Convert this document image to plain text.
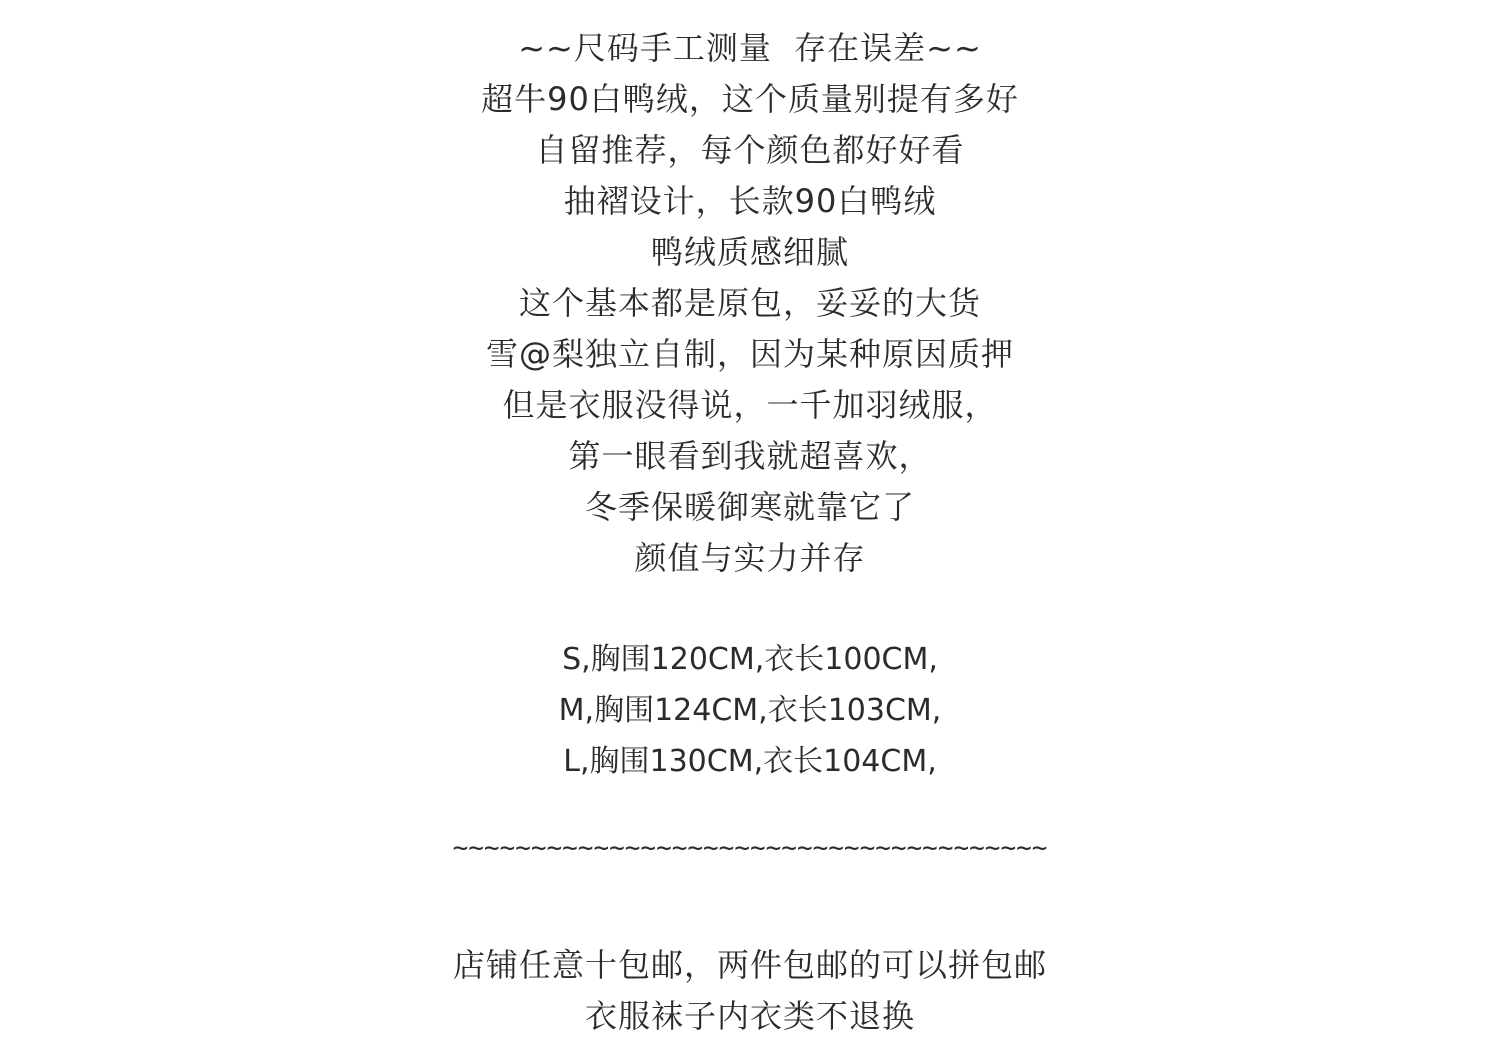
~~尺码手工测量  存在误差~~
超牛90白鸭绒，这个质量别提有多好
自留推荐，每个颜色都好好看
抽褶设计，长款90白鸭绒
鸭绒质感细腻
这个基本都是原包，妥妥的大货
雪@梨独立自制，因为某种原因质押
但是衣服没得说，一千加羽绒服，
第一眼看到我就超喜欢，
冬季保暖御寒就靠它了
颜值与实力并存
S,胸围120CM,衣长100CM,
M,胸围124CM,衣长103CM,
L,胸围130CM,衣长104CM,
~~~~~~~~~~~~~~~~~~~~~~~~~~~~~~~~~~~~~~
店铺任意十包邮，两件包邮的可以拼包邮
衣服袜子内衣类不退换
